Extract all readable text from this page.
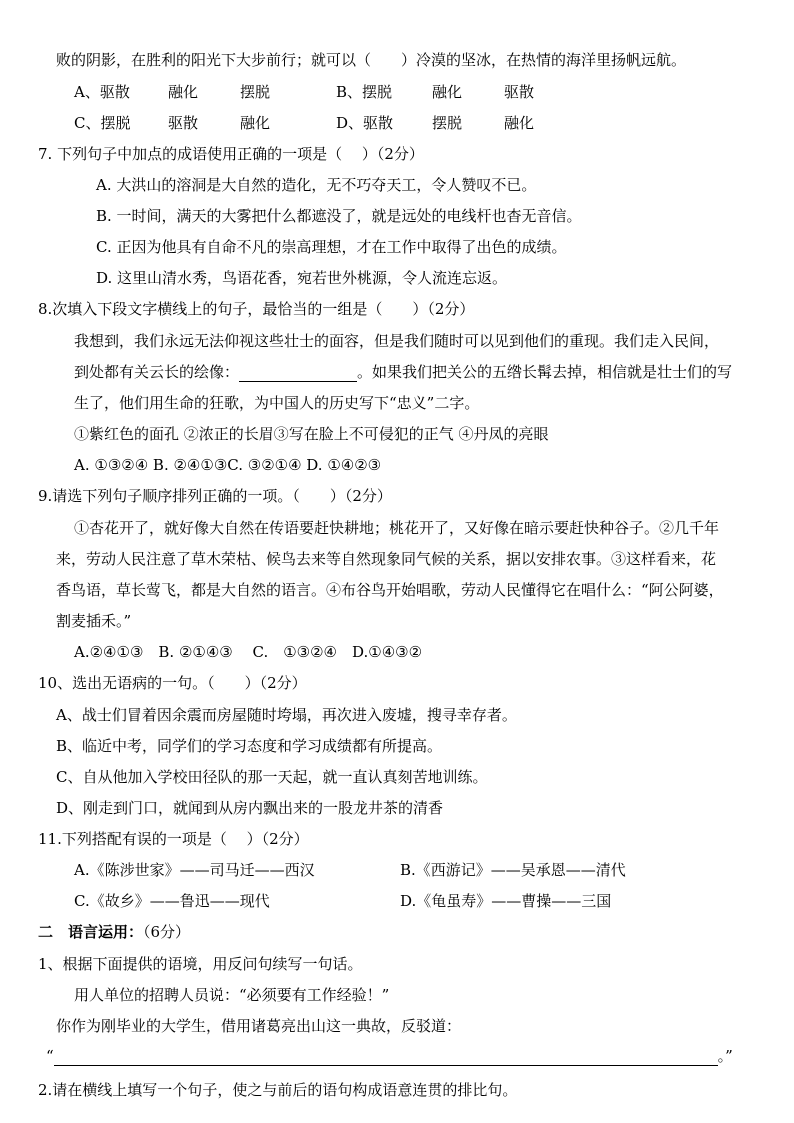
败的阴影，在胜利的阳光下大步前行；就可以（　　）冷漠的坚冰，在热情的海洋里扬帆远航。
A、驱散	融化	摆脱	B、摆脱	融化	驱散
C、摆脱	驱散	融化	D、驱散	摆脱	融化
7. 下列句子中加点的成语使用正确的一项是（　 ）（2分）
A. 大洪山的溶洞是大自然的造化，无不巧夺天工，令人赞叹不已。
B. 一时间，满天的大雾把什么都遮没了，就是远处的电线杆也杳无音信。
C. 正因为他具有自命不凡的崇高理想，才在工作中取得了出色的成绩。
D. 这里山清水秀，鸟语花香，宛若世外桃源，令人流连忘返。
8.次填入下段文字横线上的句子，最恰当的一组是（　　）（2分）
我想到，我们永远无法仰视这些壮士的面容，但是我们随时可以见到他们的重现。我们走入民间，
到处都有关云长的绘像：	。如果我们把关公的五绺长髯去掉，相信就是壮士们的写
生了，他们用生命的狂歌，为中国人的历史写下“忠义”二字。
①紫红色的面孔 ②浓正的长眉③写在脸上不可侵犯的正气 ④丹凤的亮眼
A. ①③②④ B. ②④①③C. ③②①④ D. ①④②③
9.请选下列句子顺序排列正确的一项。（　　）（2分）
①杏花开了，就好像大自然在传语要赶快耕地；桃花开了，又好像在暗示要赶快种谷子。②几千年
来，劳动人民注意了草木荣枯、候鸟去来等自然现象同气候的关系，据以安排农事。③这样看来，花
香鸟语，草长莺飞，都是大自然的语言。④布谷鸟开始唱歌，劳动人民懂得它在唱什么：“阿公阿婆，
割麦插禾。”
A.②④①③　B. ②①④③　 C.　①③②④　D.①④③②
10、选出无语病的一句。（　　）（2分）
A、战士们冒着因余震而房屋随时垮塌，再次进入废墟，搜寻幸存者。
B、临近中考，同学们的学习态度和学习成绩都有所提高。
C、自从他加入学校田径队的那一天起，就一直认真刻苦地训练。
D、刚走到门口，就闻到从房内飘出来的一股龙井茶的清香
11.下列搭配有误的一项是（　 ）（2分）
A.《陈涉世家》——司马迁——西汉	B.《西游记》——吴承恩——清代
C.《故乡》——鲁迅——现代	D.《龟虽寿》——曹操——三国
二　语言运用：（6分）
1、根据下面提供的语境，用反问句续写一句话。
用人单位的招聘人员说：“必须要有工作经验！”
你作为刚毕业的大学生，借用诸葛亮出山这一典故，反驳道：
“	。”
2.请在横线上填写一个句子，使之与前后的语句构成语意连贯的排比句。
